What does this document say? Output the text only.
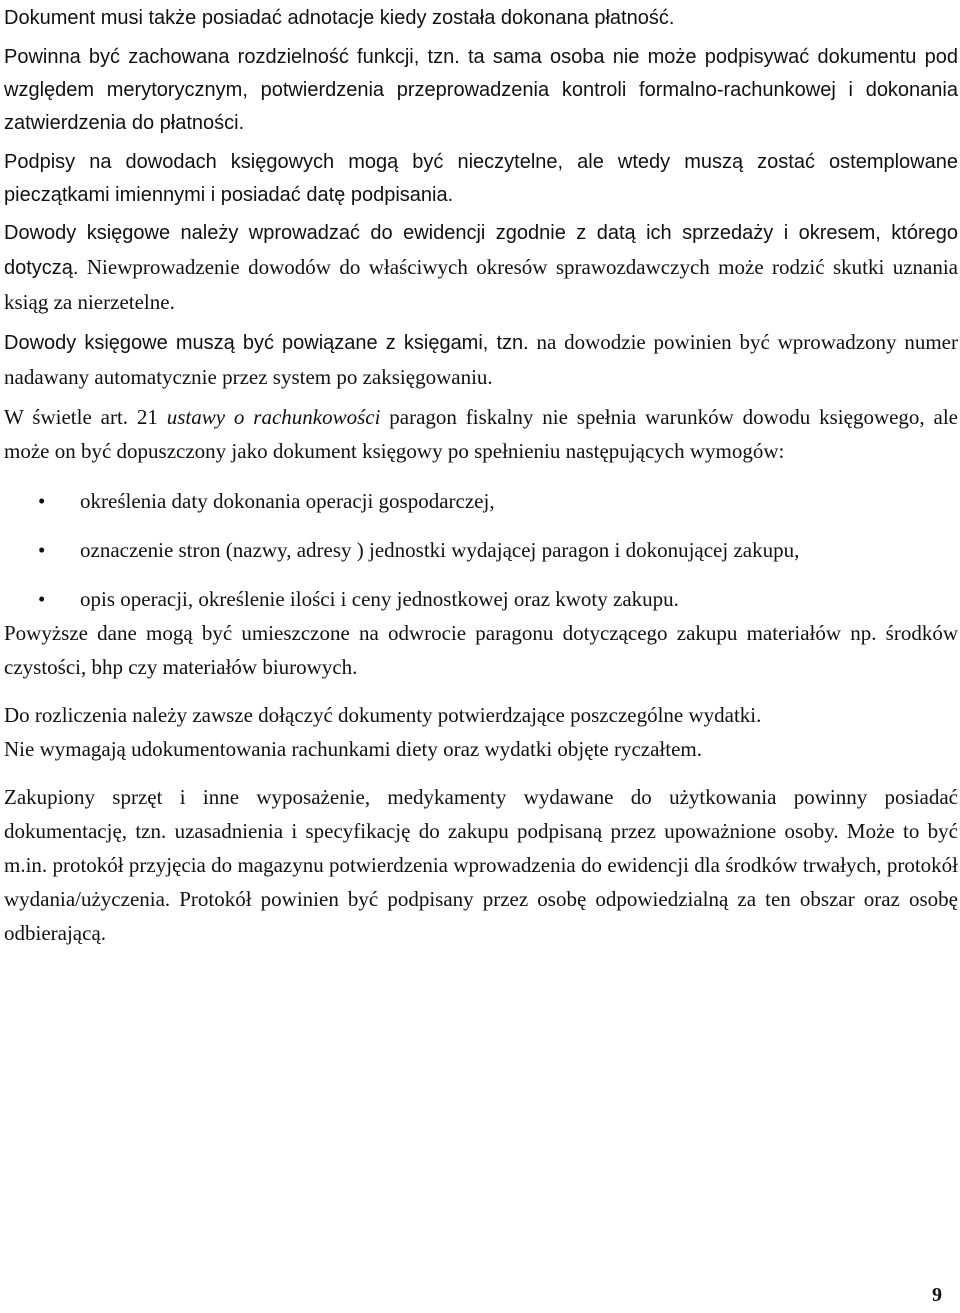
Dokument musi także posiadać adnotacje kiedy została dokonana płatność.

Powinna być zachowana rozdzielność funkcji, tzn. ta sama osoba nie może podpisywać dokumentu pod względem merytorycznym, potwierdzenia przeprowadzenia kontroli formalno-rachunkowej i dokonania zatwierdzenia do płatności.

Podpisy na dowodach księgowych mogą być nieczytelne, ale wtedy muszą zostać ostemplowane pieczątkami imiennymi i posiadać datę podpisania.

Dowody księgowe należy wprowadzać do ewidencji zgodnie z datą ich sprzedaży i okresem, którego dotyczą. Niewprowadzenie dowodów do właściwych okresów sprawozdawczych może rodzić skutki uznania ksiąg za nierzetelne.

Dowody księgowe muszą być powiązane z księgami, tzn. na dowodzie powinien być wprowadzony numer nadawany automatycznie przez system po zaksięgowaniu.

W świetle art. 21 ustawy o rachunkowości paragon fiskalny nie spełnia warunków dowodu księgowego, ale może on być dopuszczony jako dokument księgowy po spełnieniu następujących wymogów:

• określenia daty dokonania operacji gospodarczej,
• oznaczenie stron (nazwy, adresy ) jednostki wydającej paragon i dokonującej zakupu,
• opis operacji, określenie ilości i ceny jednostkowej oraz kwoty zakupu.

Powyższe dane mogą być umieszczone na odwrocie paragonu dotyczącego zakupu materiałów np. środków czystości, bhp czy materiałów biurowych.

Do rozliczenia należy zawsze dołączyć dokumenty potwierdzające poszczególne wydatki.
Nie wymagają udokumentowania rachunkami diety oraz wydatki objęte ryczałtem.

Zakupiony sprzęt i inne wyposażenie, medykamenty wydawane do użytkowania powinny posiadać dokumentację, tzn. uzasadnienia i specyfikację do zakupu podpisaną przez upoważnione osoby. Może to być m.in. protokół przyjęcia do magazynu potwierdzenia wprowadzenia do ewidencji dla środków trwałych, protokół wydania/użyczenia. Protokół powinien być podpisany przez osobę odpowiedzialną za ten obszar oraz osobę odbierającą.

9
